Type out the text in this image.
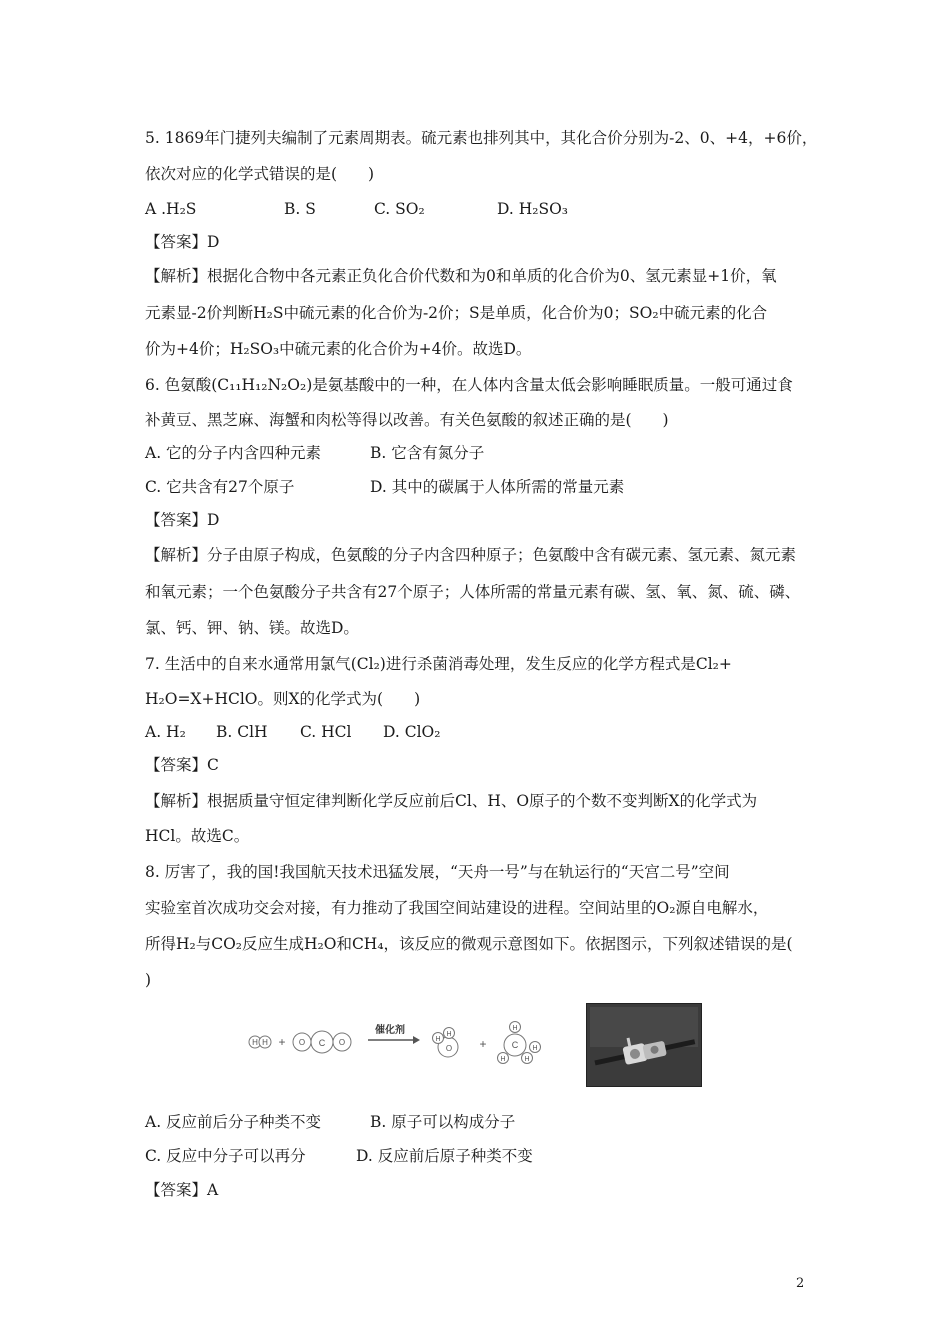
5. 1869年门捷列夫编制了元素周期表。硫元素也排列其中，其化合价分别为-2、0、+4，+6价，
依次对应的化学式错误的是(　　)
A .H₂S	B. S	C. SO₂	D. H₂SO₃
【答案】D
【解析】根据化合物中各元素正负化合价代数和为0和单质的化合价为0、氢元素显+1价，氧
元素显-2价判断H₂S中硫元素的化合价为-2价；S是单质，化合价为0；SO₂中硫元素的化合
价为+4价；H₂SO₃中硫元素的化合价为+4价。故选D。
6. 色氨酸(C₁₁H₁₂N₂O₂)是氨基酸中的一种，在人体内含量太低会影响睡眠质量。一般可通过食
补黄豆、黑芝麻、海蟹和肉松等得以改善。有关色氨酸的叙述正确的是(　　)
A. 它的分子内含四种元素	B. 它含有氮分子
C. 它共含有27个原子	D. 其中的碳属于人体所需的常量元素
【答案】D
【解析】分子由原子构成，色氨酸的分子内含四种原子；色氨酸中含有碳元素、氢元素、氮元素
和氧元素；一个色氨酸分子共含有27个原子；人体所需的常量元素有碳、氢、氧、氮、硫、磷、
氯、钙、钾、钠、镁。故选D。
7. 生活中的自来水通常用氯气(Cl₂)进行杀菌消毒处理，发生反应的化学方程式是Cl₂+
H₂O=X+HClO。则X的化学式为(　　)
A. H₂ B. ClH C. HCl D. ClO₂
【答案】C
【解析】根据质量守恒定律判断化学反应前后Cl、H、O原子的个数不变判断X的化学式为
HCl。故选C。
8. 厉害了，我的国!我国航天技术迅猛发展，“天舟一号”与在轨运行的“天宫二号”空间
实验室首次成功交会对接，有力推动了我国空间站建设的进程。空间站里的O₂源自电解水，
所得H₂与CO₂反应生成H₂O和CH₄，该反应的微观示意图如下。依据图示，下列叙述错误的是(
)
H H + O C O
催化剂
O
H
H
+	C
H
H	H
H
A. 反应前后分子种类不变	B. 原子可以构成分子
C. 反应中分子可以再分	D. 反应前后原子种类不变
【答案】A
2
